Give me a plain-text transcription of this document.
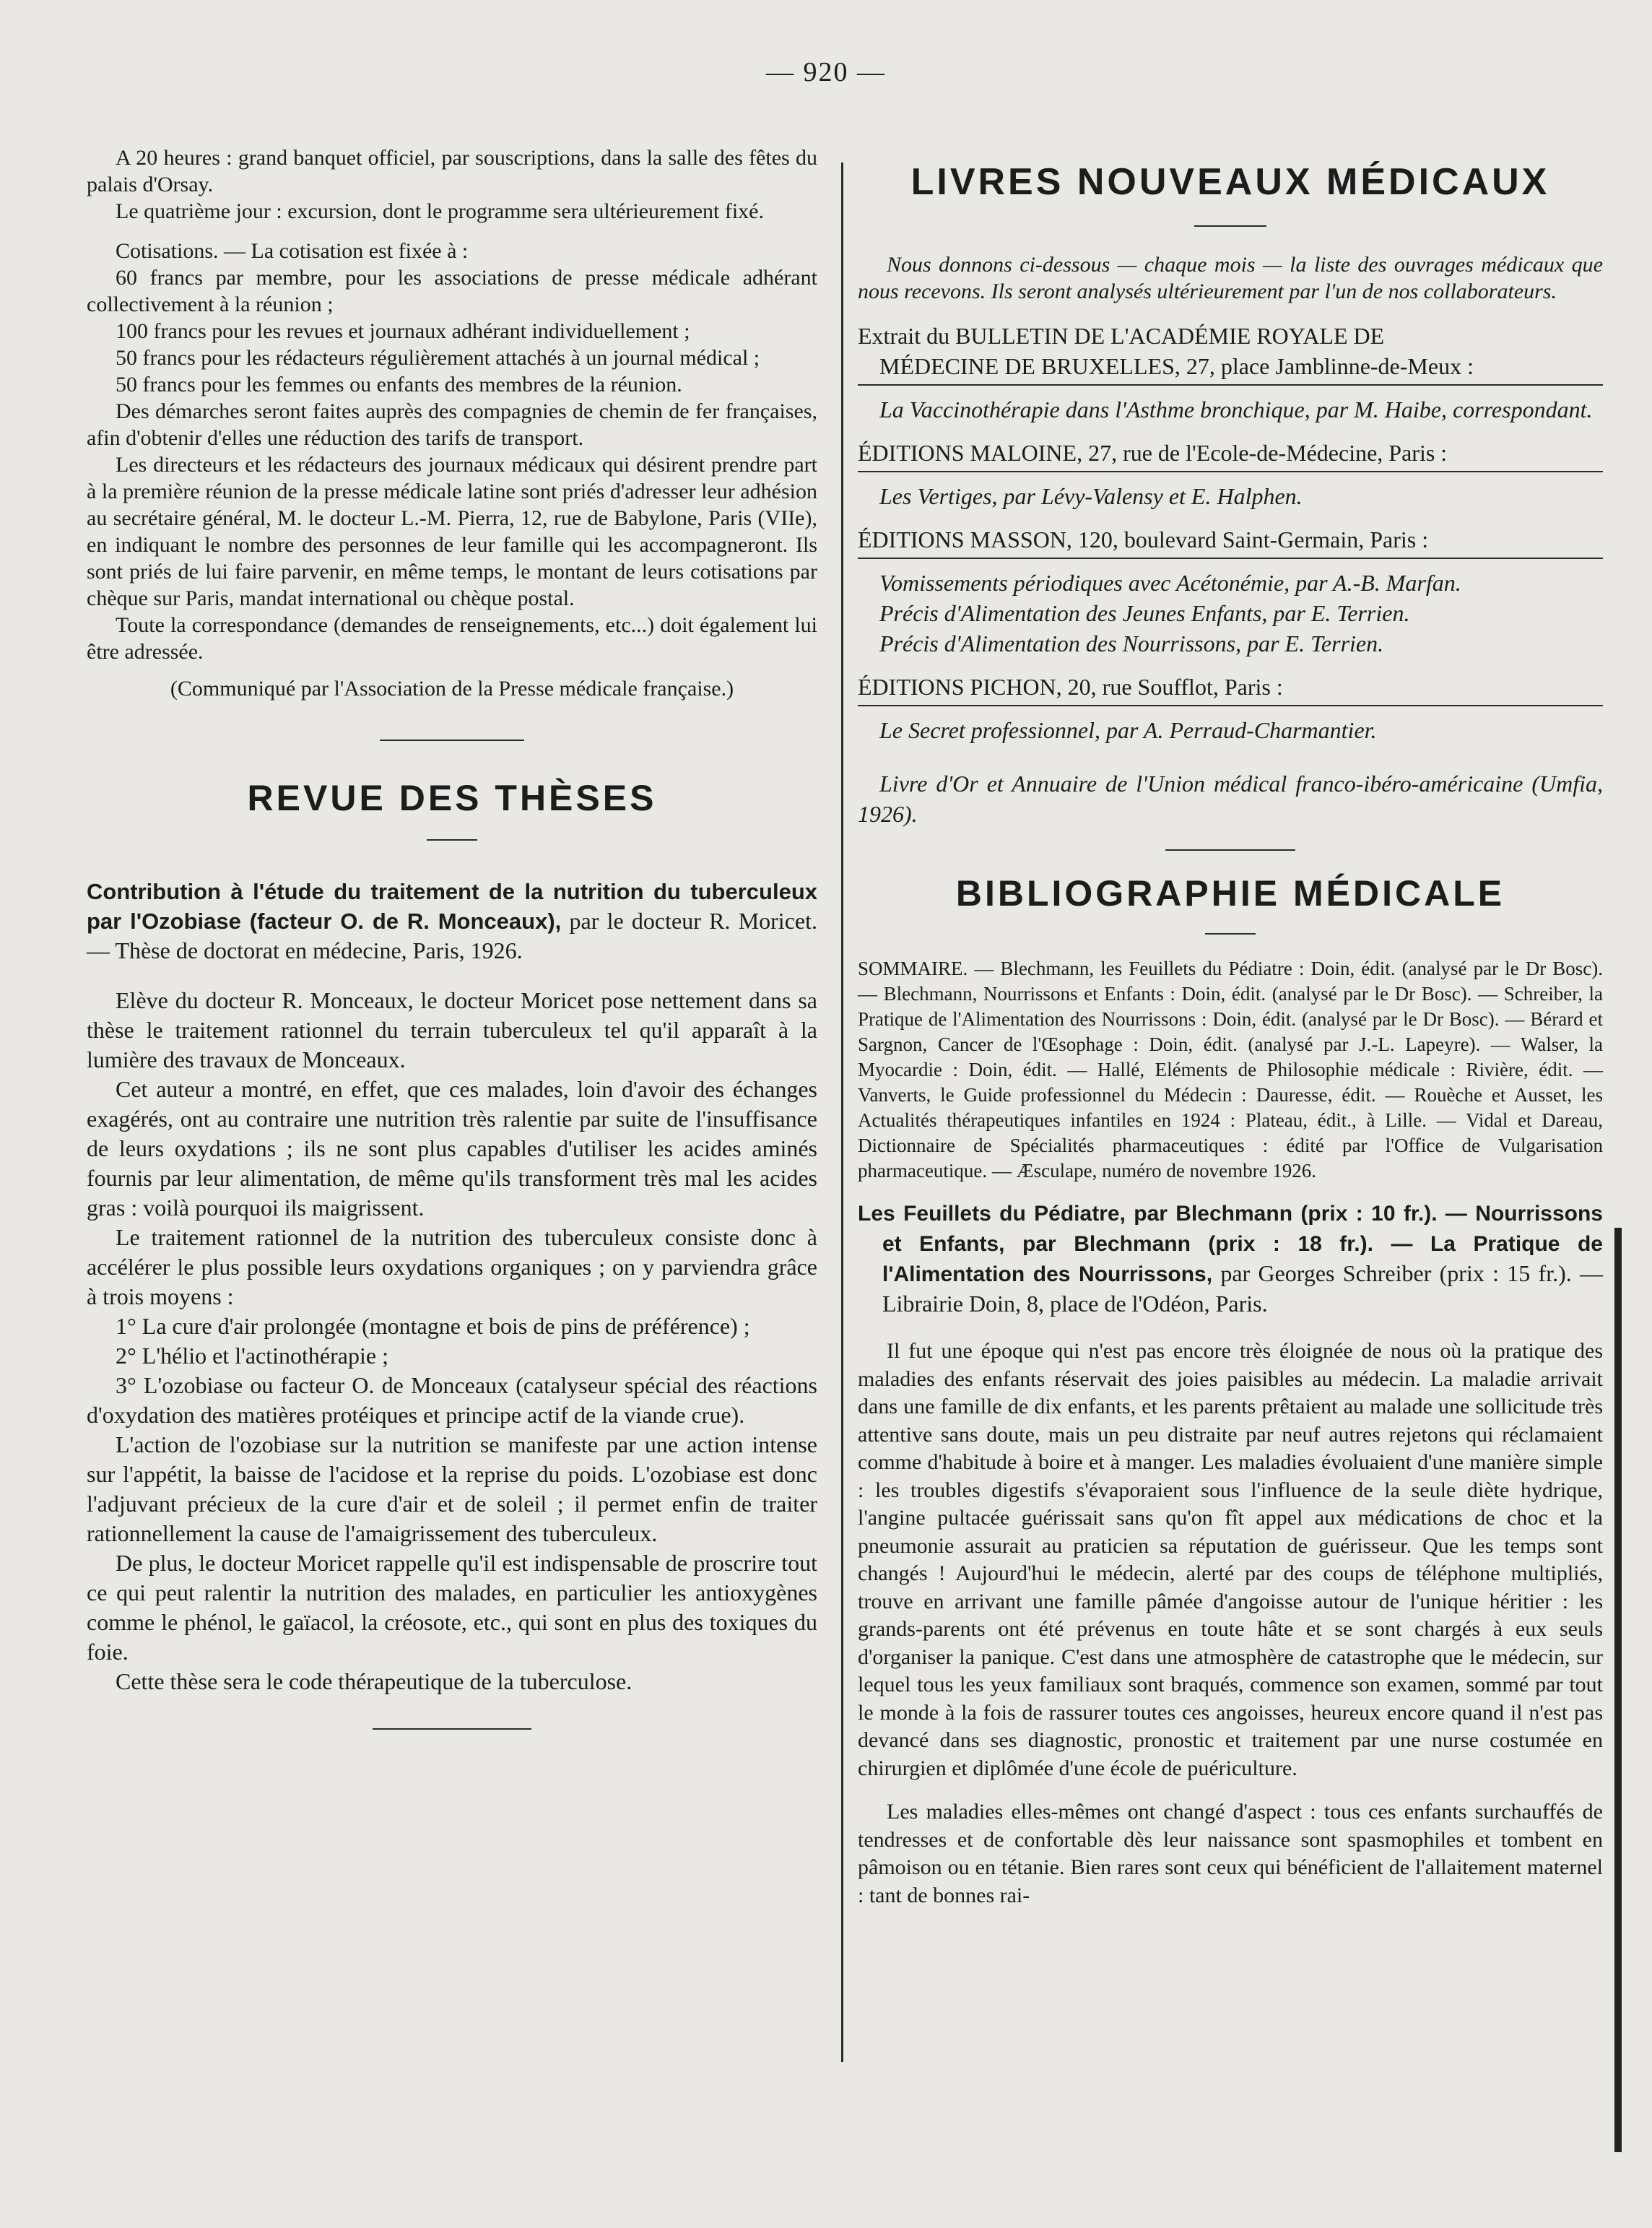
— 920 —

A 20 heures : grand banquet officiel, par souscriptions, dans la salle des fêtes du palais d'Orsay.

Le quatrième jour : excursion, dont le programme sera ultérieurement fixé.

Cotisations. — La cotisation est fixée à :

60 francs par membre, pour les associations de presse médicale adhérant collectivement à la réunion ;

100 francs pour les revues et journaux adhérant individuellement ;

50 francs pour les rédacteurs régulièrement attachés à un journal médical ;

50 francs pour les femmes ou enfants des membres de la réunion.

Des démarches seront faites auprès des compagnies de chemin de fer françaises, afin d'obtenir d'elles une réduction des tarifs de transport.

Les directeurs et les rédacteurs des journaux médicaux qui désirent prendre part à la première réunion de la presse médicale latine sont priés d'adresser leur adhésion au secrétaire général, M. le docteur L.-M. Pierra, 12, rue de Babylone, Paris (VIIe), en indiquant le nombre des personnes de leur famille qui les accompagneront. Ils sont priés de lui faire parvenir, en même temps, le montant de leurs cotisations par chèque sur Paris, mandat international ou chèque postal.

Toute la correspondance (demandes de renseignements, etc...) doit également lui être adressée.

(Communiqué par l'Association de la Presse médicale française.)

REVUE DES THÈSES

Contribution à l'étude du traitement de la nutrition du tuberculeux par l'Ozobiase (facteur O. de R. Monceaux), par le docteur R. Moricet. — Thèse de doctorat en médecine, Paris, 1926.

Elève du docteur R. Monceaux, le docteur Moricet pose nettement dans sa thèse le traitement rationnel du terrain tuberculeux tel qu'il apparaît à la lumière des travaux de Monceaux.

Cet auteur a montré, en effet, que ces malades, loin d'avoir des échanges exagérés, ont au contraire une nutrition très ralentie par suite de l'insuffisance de leurs oxydations ; ils ne sont plus capables d'utiliser les acides aminés fournis par leur alimentation, de même qu'ils transforment très mal les acides gras : voilà pourquoi ils maigrissent.

Le traitement rationnel de la nutrition des tuberculeux consiste donc à accélérer le plus possible leurs oxydations organiques ; on y parviendra grâce à trois moyens :

1° La cure d'air prolongée (montagne et bois de pins de préférence) ;

2° L'hélio et l'actinothérapie ;

3° L'ozobiase ou facteur O. de Monceaux (catalyseur spécial des réactions d'oxydation des matières protéiques et principe actif de la viande crue).

L'action de l'ozobiase sur la nutrition se manifeste par une action intense sur l'appétit, la baisse de l'acidose et la reprise du poids. L'ozobiase est donc l'adjuvant précieux de la cure d'air et de soleil ; il permet enfin de traiter rationnellement la cause de l'amaigrissement des tuberculeux.

De plus, le docteur Moricet rappelle qu'il est indispensable de proscrire tout ce qui peut ralentir la nutrition des malades, en particulier les antioxygènes comme le phénol, le gaïacol, la créosote, etc., qui sont en plus des toxiques du foie.

Cette thèse sera le code thérapeutique de la tuberculose.

LIVRES NOUVEAUX MÉDICAUX

Nous donnons ci-dessous — chaque mois — la liste des ouvrages médicaux que nous recevons. Ils seront analysés ultérieurement par l'un de nos collaborateurs.

Extrait du BULLETIN DE L'ACADÉMIE ROYALE DE

MÉDECINE DE BRUXELLES, 27, place Jamblinne-de-Meux :

La Vaccinothérapie dans l'Asthme bronchique, par M. Haibe, correspondant.

ÉDITIONS MALOINE, 27, rue de l'Ecole-de-Médecine, Paris :

Les Vertiges, par Lévy-Valensy et E. Halphen.

ÉDITIONS MASSON, 120, boulevard Saint-Germain, Paris :

Vomissements périodiques avec Acétonémie, par A.-B. Marfan.

Précis d'Alimentation des Jeunes Enfants, par E. Terrien.

Précis d'Alimentation des Nourrissons, par E. Terrien.

ÉDITIONS PICHON, 20, rue Soufflot, Paris :

Le Secret professionnel, par A. Perraud-Charmantier.

Livre d'Or et Annuaire de l'Union médical franco-ibéro-américaine (Umfia, 1926).

BIBLIOGRAPHIE MÉDICALE

SOMMAIRE. — Blechmann, les Feuillets du Pédiatre : Doin, édit. (analysé par le Dr Bosc). — Blechmann, Nourrissons et Enfants : Doin, édit. (analysé par le Dr Bosc). — Schreiber, la Pratique de l'Alimentation des Nourrissons : Doin, édit. (analysé par le Dr Bosc). — Bérard et Sargnon, Cancer de l'Œsophage : Doin, édit. (analysé par J.-L. Lapeyre). — Walser, la Myocardie : Doin, édit. — Hallé, Eléments de Philosophie médicale : Rivière, édit. — Vanverts, le Guide professionnel du Médecin : Dauresse, édit. — Rouèche et Ausset, les Actualités thérapeutiques infantiles en 1924 : Plateau, édit., à Lille. — Vidal et Dareau, Dictionnaire de Spécialités pharmaceutiques : édité par l'Office de Vulgarisation pharmaceutique. — Æsculape, numéro de novembre 1926.

Les Feuillets du Pédiatre, par Blechmann (prix : 10 fr.). — Nourrissons et Enfants, par Blechmann (prix : 18 fr.). — La Pratique de l'Alimentation des Nourrissons, par Georges Schreiber (prix : 15 fr.). — Librairie Doin, 8, place de l'Odéon, Paris.

Il fut une époque qui n'est pas encore très éloignée de nous où la pratique des maladies des enfants réservait des joies paisibles au médecin. La maladie arrivait dans une famille de dix enfants, et les parents prêtaient au malade une sollicitude très attentive sans doute, mais un peu distraite par neuf autres rejetons qui réclamaient comme d'habitude à boire et à manger. Les maladies évoluaient d'une manière simple : les troubles digestifs s'évaporaient sous l'influence de la seule diète hydrique, l'angine pultacée guérissait sans qu'on fît appel aux médications de choc et la pneumonie assurait au praticien sa réputation de guérisseur. Que les temps sont changés ! Aujourd'hui le médecin, alerté par des coups de téléphone multipliés, trouve en arrivant une famille pâmée d'angoisse autour de l'unique héritier : les grands-parents ont été prévenus en toute hâte et se sont chargés à eux seuls d'organiser la panique. C'est dans une atmosphère de catastrophe que le médecin, sur lequel tous les yeux familiaux sont braqués, commence son examen, sommé par tout le monde à la fois de rassurer toutes ces angoisses, heureux encore quand il n'est pas devancé dans ses diagnostic, pronostic et traitement par une nurse costumée en chirurgien et diplômée d'une école de puériculture.

Les maladies elles-mêmes ont changé d'aspect : tous ces enfants surchauffés de tendresses et de confortable dès leur naissance sont spasmophiles et tombent en pâmoison ou en tétanie. Bien rares sont ceux qui bénéficient de l'allaitement maternel : tant de bonnes rai-
